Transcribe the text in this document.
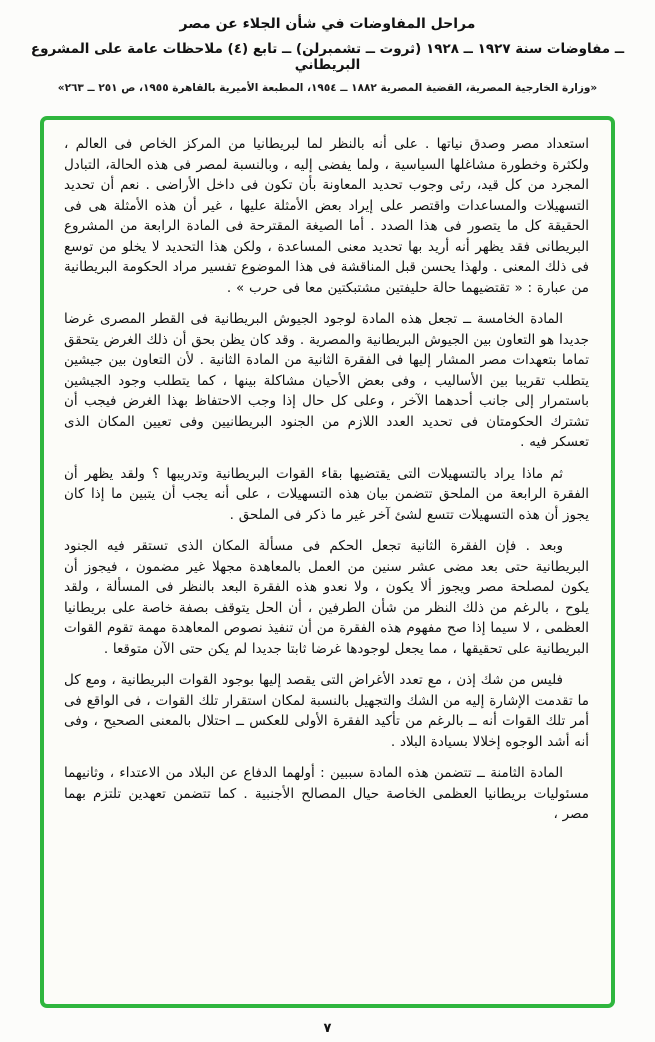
مراحل المفاوضات في شأن الجلاء عن مصر
ــ مفاوضات سنة ١٩٢٧ ــ ١٩٢٨ (ثروت ــ تشمبرلن) ــ تابع (٤) ملاحظات عامة على المشروع البريطاني
«وزارة الخارجية المصرية، القضية المصرية ١٨٨٢ ــ ١٩٥٤، المطبعة الأميرية بالقاهرة ١٩٥٥، ص ٢٥١ ــ ٢٦٣»

استعداد مصر وصدق نياتها . على أنه بالنظر لما لبريطانيا من المركز الخاص فى العالم ، ولكثرة وخطورة مشاغلها السياسية ، ولما يفضى إليه ، وبالنسبة لمصر فى هذه الحالة، التبادل المجرد من كل قيد، رئى وجوب تحديد المعاونة بأن تكون فى داخل الأراضى . نعم أن تحديد التسهيلات والمساعدات واقتصر على إيراد بعض الأمثلة عليها ، غير أن هذه الأمثلة هى فى الحقيقة كل ما يتصور فى هذا الصدد . أما الصيغة المقترحة فى المادة الرابعة من المشروع البريطانى فقد يظهر أنه أريد بها تحديد معنى المساعدة ، ولكن هذا التحديد لا يخلو من توسع فى ذلك المعنى . ولهذا يحسن قبل المناقشة فى هذا الموضوع تفسير مراد الحكومة البريطانية من عبارة : « تقتضيهما حالة حليفتين مشتبكتين معا فى حرب » .

المادة الخامسة ــ تجعل هذه المادة لوجود الجيوش البريطانية فى القطر المصرى غرضا جديدا هو التعاون بين الجيوش البريطانية والمصرية . وقد كان يظن بحق أن ذلك الغرض يتحقق تماما بتعهدات مصر المشار إليها فى الفقرة الثانية من المادة الثانية . لأن التعاون بين جيشين يتطلب تقريبا بين الأساليب ، وفى بعض الأحيان مشاكلة بينها ، كما يتطلب وجود الجيشين باستمرار إلى جانب أحدهما الآخر ، وعلى كل حال إذا وجب الاحتفاظ بهذا الغرض فيجب أن تشترك الحكومتان فى تحديد العدد اللازم من الجنود البريطانيين وفى تعيين المكان الذى تعسكر فيه .

ثم ماذا يراد بالتسهيلات التى يقتضيها بقاء القوات البريطانية وتدريبها ؟ ولقد يظهر أن الفقرة الرابعة من الملحق تتضمن بيان هذه التسهيلات ، على أنه يجب أن يتبين ما إذا كان يجوز أن هذه التسهيلات تتسع لشئ آخر غير ما ذكر فى الملحق .

وبعد . فإن الفقرة الثانية تجعل الحكم فى مسألة المكان الذى تستقر فيه الجنود البريطانية حتى بعد مضى عشر سنين من العمل بالمعاهدة مجهلا غير مضمون ، فيجوز أن يكون لمصلحة مصر ويجوز ألا يكون ، ولا نعدو هذه الفقرة البعد بالنظر فى المسألة ، ولقد يلوح ، بالرغم من ذلك النظر من شأن الطرفين ، أن الحل يتوقف بصفة خاصة على بريطانيا العظمى ، لا سيما إذا صح مفهوم هذه الفقرة من أن تنفيذ نصوص المعاهدة مهمة تقوم القوات البريطانية على تحقيقها ، مما يجعل لوجودها غرضا ثابتا جديدا لم يكن حتى الآن متوقعا .

فليس من شك إذن ، مع تعدد الأغراض التى يقصد إليها بوجود القوات البريطانية ، ومع كل ما تقدمت الإشارة إليه من الشك والتجهيل بالنسبة لمكان استقرار تلك القوات ، فى الواقع فى أمر تلك القوات أنه ــ بالرغم من تأكيد الفقرة الأولى للعكس ــ احتلال بالمعنى الصحيح ، وفى أنه أشد الوجوه إخلالا بسيادة البلاد .

المادة الثامنة ــ تتضمن هذه المادة سببين : أولهما الدفاع عن البلاد من الاعتداء ، وثانيهما مسئوليات بريطانيا العظمى الخاصة حيال المصالح الأجنبية . كما تتضمن تعهدين تلتزم بهما مصر ،

٧
